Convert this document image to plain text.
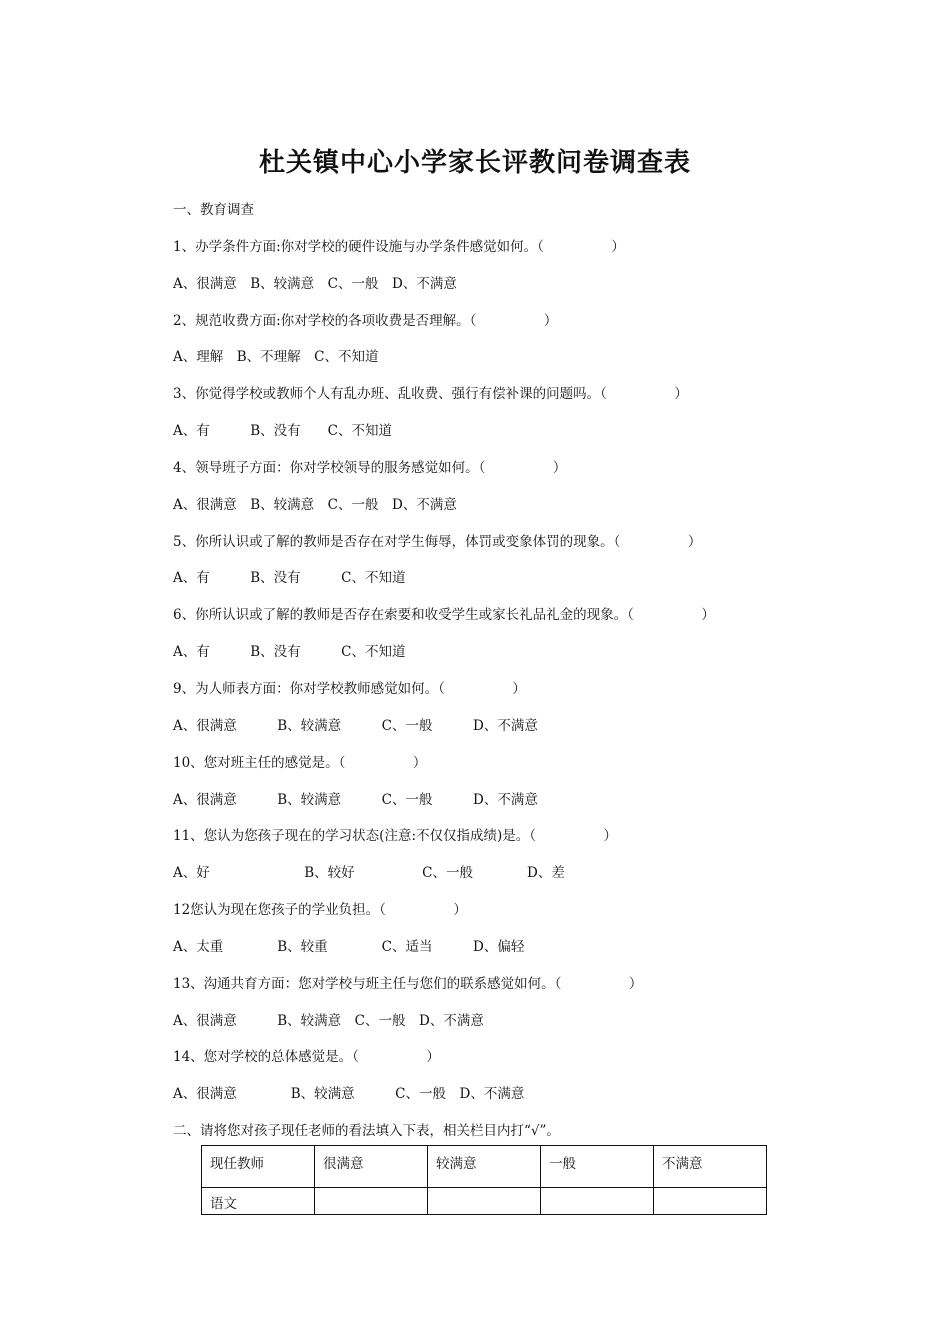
杜关镇中心小学家长评教问卷调查表
一、教育调查
1、办学条件方面:你对学校的硬件设施与办学条件感觉如何。（　　　　　）
A、很满意　B、较满意　C、一般　D、不满意
2、规范收费方面:你对学校的各项收费是否理解。（　　　　　）
A、理解　B、不理解　C、不知道
3、你觉得学校或教师个人有乱办班、乱收费、强行有偿补课的问题吗。（　　　　　）
A、有　　　B、没有　　C、不知道
4、领导班子方面：你对学校领导的服务感觉如何。（　　　　　）
A、很满意　B、较满意　C、一般　D、不满意
5、你所认识或了解的教师是否存在对学生侮辱，体罚或变象体罚的现象。（　　　　　）
A、有　　　B、没有　　　C、不知道
6、你所认识或了解的教师是否存在索要和收受学生或家长礼品礼金的现象。（　　　　　）
A、有　　　B、没有　　　C、不知道
9、为人师表方面：你对学校教师感觉如何。（　　　　　）
A、很满意　　　B、较满意　　　C、一般　　　D、不满意
10、您对班主任的感觉是。（　　　　　）
A、很满意　　　B、较满意　　　C、一般　　　D、不满意
11、您认为您孩子现在的学习状态(注意:不仅仅指成绩)是。（　　　　　）
A、好　　　　　　　B、较好　　　　　C、一般　　　　D、差
12您认为现在您孩子的学业负担。（　　　　　）
A、太重　　　　B、较重　　　　C、适当　　　D、偏轻
13、沟通共育方面：您对学校与班主任与您们的联系感觉如何。（　　　　　）
A、很满意　　　B、较满意　C、一般　D、不满意
14、您对学校的总体感觉是。（　　　　　）
A、很满意　　　　B、较满意　　　C、一般　D、不满意
二、请将您对孩子现任老师的看法填入下表，相关栏目内打“√”。
现任教师	很满意	较满意	一般	不满意
语文				
